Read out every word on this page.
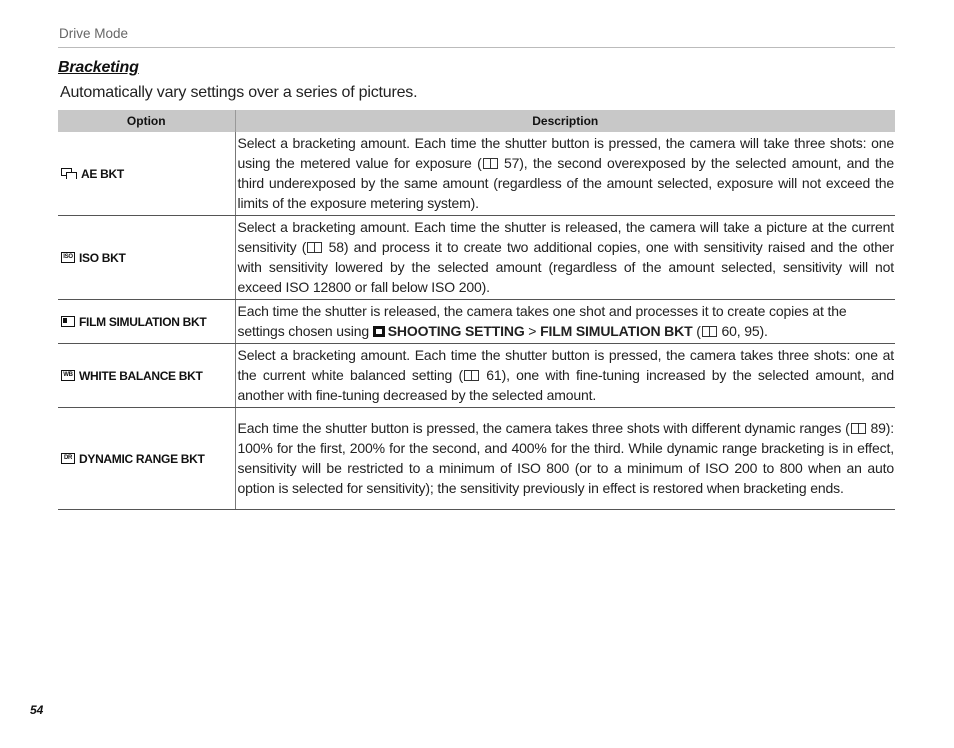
Drive Mode
Bracketing
Automatically vary settings over a series of pictures.
Option	Description
AE BKT	Select a bracketing amount. Each time the shutter button is pressed, the camera will take three shots: one using the metered value for exposure ( 57), the second overexposed by the selected amount, and the third underexposed by the same amount (regardless of the amount selected, exposure will not exceed the limits of the exposure metering system).
ISO ISO BKT	Select a bracketing amount. Each time the shutter is released, the camera will take a picture at the current sensitivity ( 58) and process it to create two additional copies, one with sensitivity raised and the other with sensitivity lowered by the selected amount (regardless of the amount selected, sensitivity will not exceed ISO 12800 or fall below ISO 200).
FILM SIMULATION BKT	Each time the shutter is released, the camera takes one shot and processes it to create copies at the settings chosen using SHOOTING SETTING > FILM SIMULATION BKT ( 60, 95).
WB WHITE BALANCE BKT	Select a bracketing amount. Each time the shutter button is pressed, the camera takes three shots: one at the current white balanced setting ( 61), one with fine-tuning increased by the selected amount, and another with fine-tuning decreased by the selected amount.
DR DYNAMIC RANGE BKT	Each time the shutter button is pressed, the camera takes three shots with different dynamic ranges ( 89): 100% for the first, 200% for the second, and 400% for the third. While dynamic range bracketing is in effect, sensitivity will be restricted to a minimum of ISO 800 (or to a minimum of ISO 200 to 800 when an auto option is selected for sensitivity); the sensitivity previously in effect is restored when bracketing ends.
54
